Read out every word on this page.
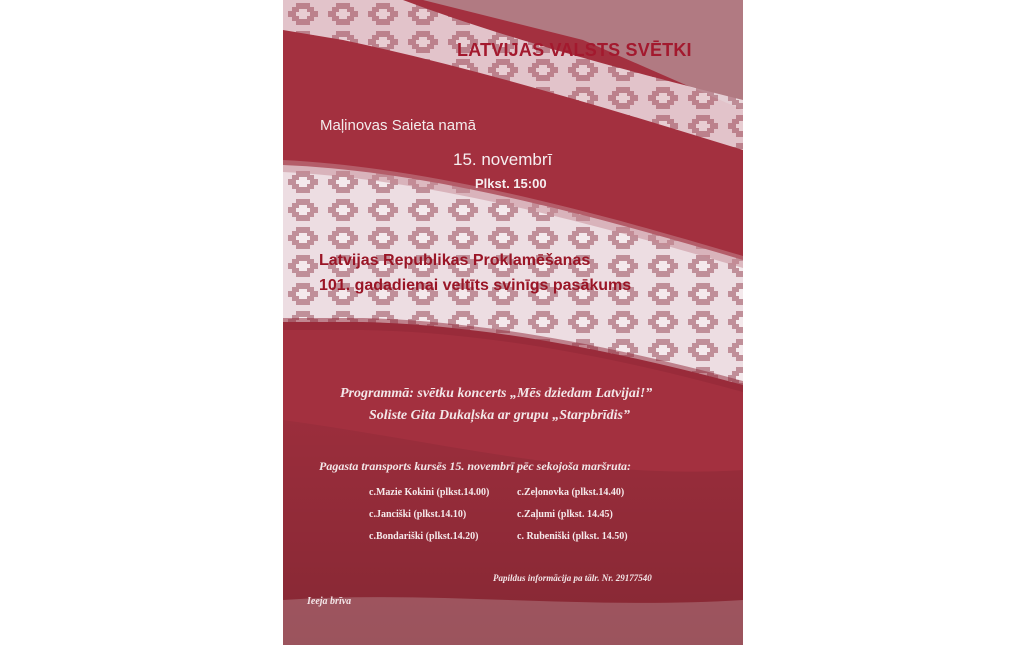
LATVIJAS VALSTS SVĒTKI
Maļinovas Saieta namā
15. novembrī
Plkst. 15:00
Latvijas Republikas Proklamēšanas
101. gadadienai veltīts svinīgs pasākums
Programmā: svētku koncerts „Mēs dziedam Latvijai!”
Soliste Gita Dukaļska ar grupu „Starpbrīdis”
Pagasta transports kursēs 15. novembrī pēc sekojoša maršruta:
c.Mazie Kokini (plkst.14.00)
c.Janciški (plkst.14.10)
c.Bondariški (plkst.14.20)
c.Zeļonovka (plkst.14.40)
c.Zaļumi (plkst. 14.45)
c. Rubeniški (plkst. 14.50)
Papildus informācija pa tālr. Nr. 29177540
Ieeja brīva
